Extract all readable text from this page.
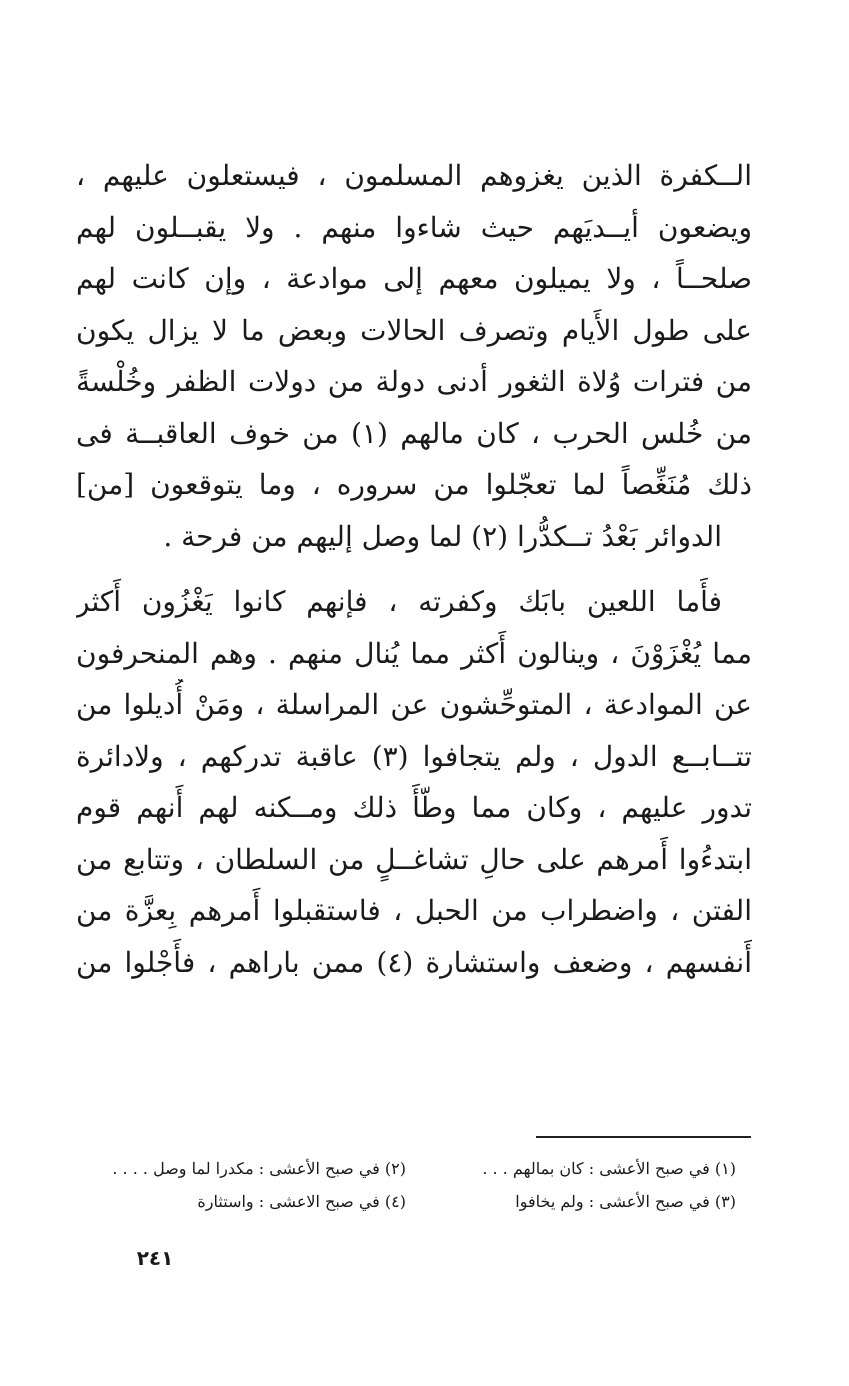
الــكفرة الذين يغزوهم المسلمون ، فيستعلون عليهم ،
ويضعون أيــديَهم حيث شاءوا منهم . ولا يقبــلون لهم
صلحــاً ، ولا يميلون معهم إلى موادعة ، وإن كانت لهم
على طول الأَيام وتصرف الحالات وبعض ما لا يزال يكون
من فترات وُلاة الثغور أدنى دولة من دولات الظفر وخُلْسةً
من خُلس الحرب ، كان مالهم (١) من خوف العاقبــة فى
ذلك مُنَغِّصاً لما تعجّلوا من سروره ، وما يتوقعون [من]
الدوائر بَعْدُ تــكدُّرا (٢) لما وصل إليهم من فرحة .
فأَما اللعين بابَك وكفرته ، فإنهم كانوا يَغْزُون أَكثر
مما يُغْزَوْنَ ، وينالون أَكثر مما يُنال منهم . وهم المنحرفون
عن الموادعة ، المتوحِّشون عن المراسلة ، ومَنْ أُديلوا من
تتــابــع الدول ، ولم يتجافوا (٣) عاقبة تدركهم ، ولادائرة
تدور عليهم ، وكان مما وطّأَ ذلك ومــكنه لهم أَنهم قوم
ابتدءُوا أَمرهم على حالِ تشاغــلٍ من السلطان ، وتتابع من
الفتن ، واضطراب من الحبل ، فاستقبلوا أَمرهم بِعزَّة من
أَنفسهم ، وضعف واستشارة (٤) ممن باراهم ، فأَجْلوا من
(١) في صبح الأعشى : كان بمالهم . . .
(٢) في صبح الأعشى : مكدرا لما وصل . . . .
(٣) في صبح الأعشى : ولم يخافوا
(٤) في صبح الاعشى : واستثارة
٢٤١
